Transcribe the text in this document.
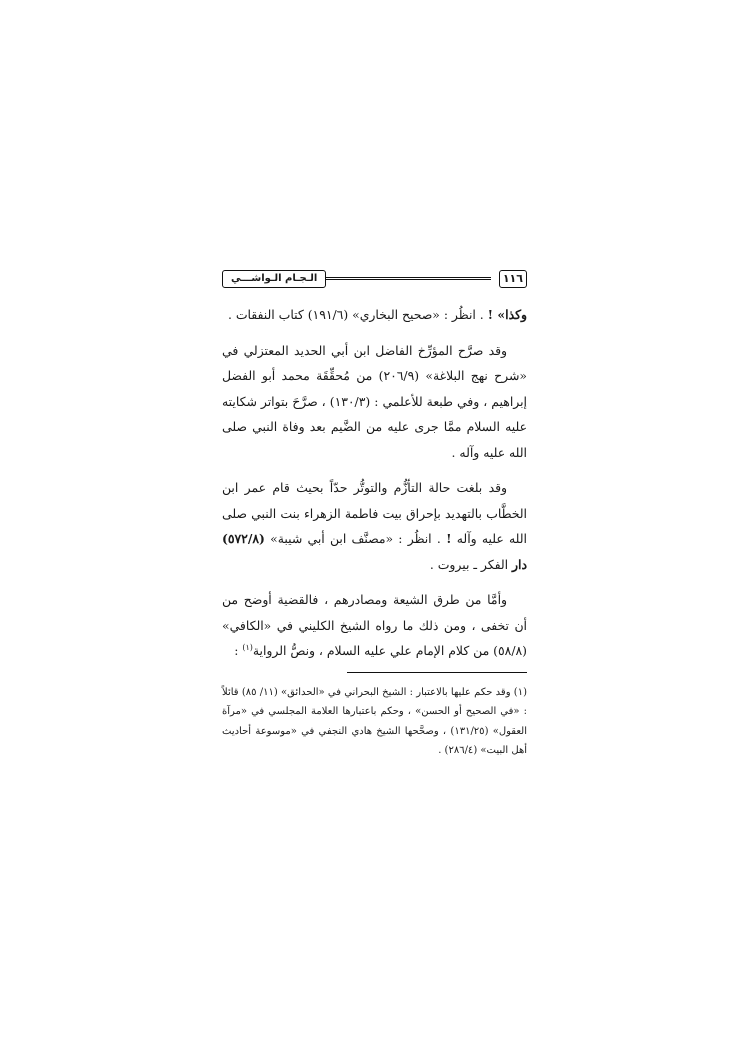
١١٦
الـجـام الـواشـــي

وكذا» ! . انظُر : «صحيح البخاري» (١٩١/٦) كتاب النفقات .

وقد صرَّح المؤرِّخ الفاضل ابن أبي الحديد المعتزلي في «شرح نهج البلاغة» (٢٠٦/٩) من مُحقِّقَة محمد أبو الفضل إبراهيم ، وفي طبعة للأعلمي : (١٣٠/٣) ، صرَّحَ بتواتر شكايته عليه السلام ممَّا جرى عليه من الضَّيم بعد وفاة النبي صلى الله عليه وآله .

وقد بلغت حالة التأزُّم والتوتُّر حدّاً بحيث قام عمر ابن الخطَّاب بالتهديد بإحراق بيت فاطمة الزهراء بنت النبي صلى الله عليه وآله ! . انظُر : «مصنَّف ابن أبي شيبة» (٥٧٢/٨) دار الفكر ـ بيروت .

وأمَّا من طرق الشيعة ومصادرهم ، فالقضية أوضح من أن تخفى ، ومن ذلك ما رواه الشيخ الكليني في «الكافي» (٥٨/٨) من كلام الإمام علي عليه السلام ، ونصُّ الرواية$^{(١)}$ :

(١) وقد حكم عليها بالاعتبار : الشيخ البحراني في «الحدائق» (١١/ ٨٥) قائلاً : «في الصحيح أو الحسن» ، وحكم باعتبارها العلامة المجلسي في «مرآة العقول» (١٣١/٢٥) ، وصحَّحها الشيخ هادي النجفي في «موسوعة أحاديث أهل البيت» (٢٨٦/٤) .
